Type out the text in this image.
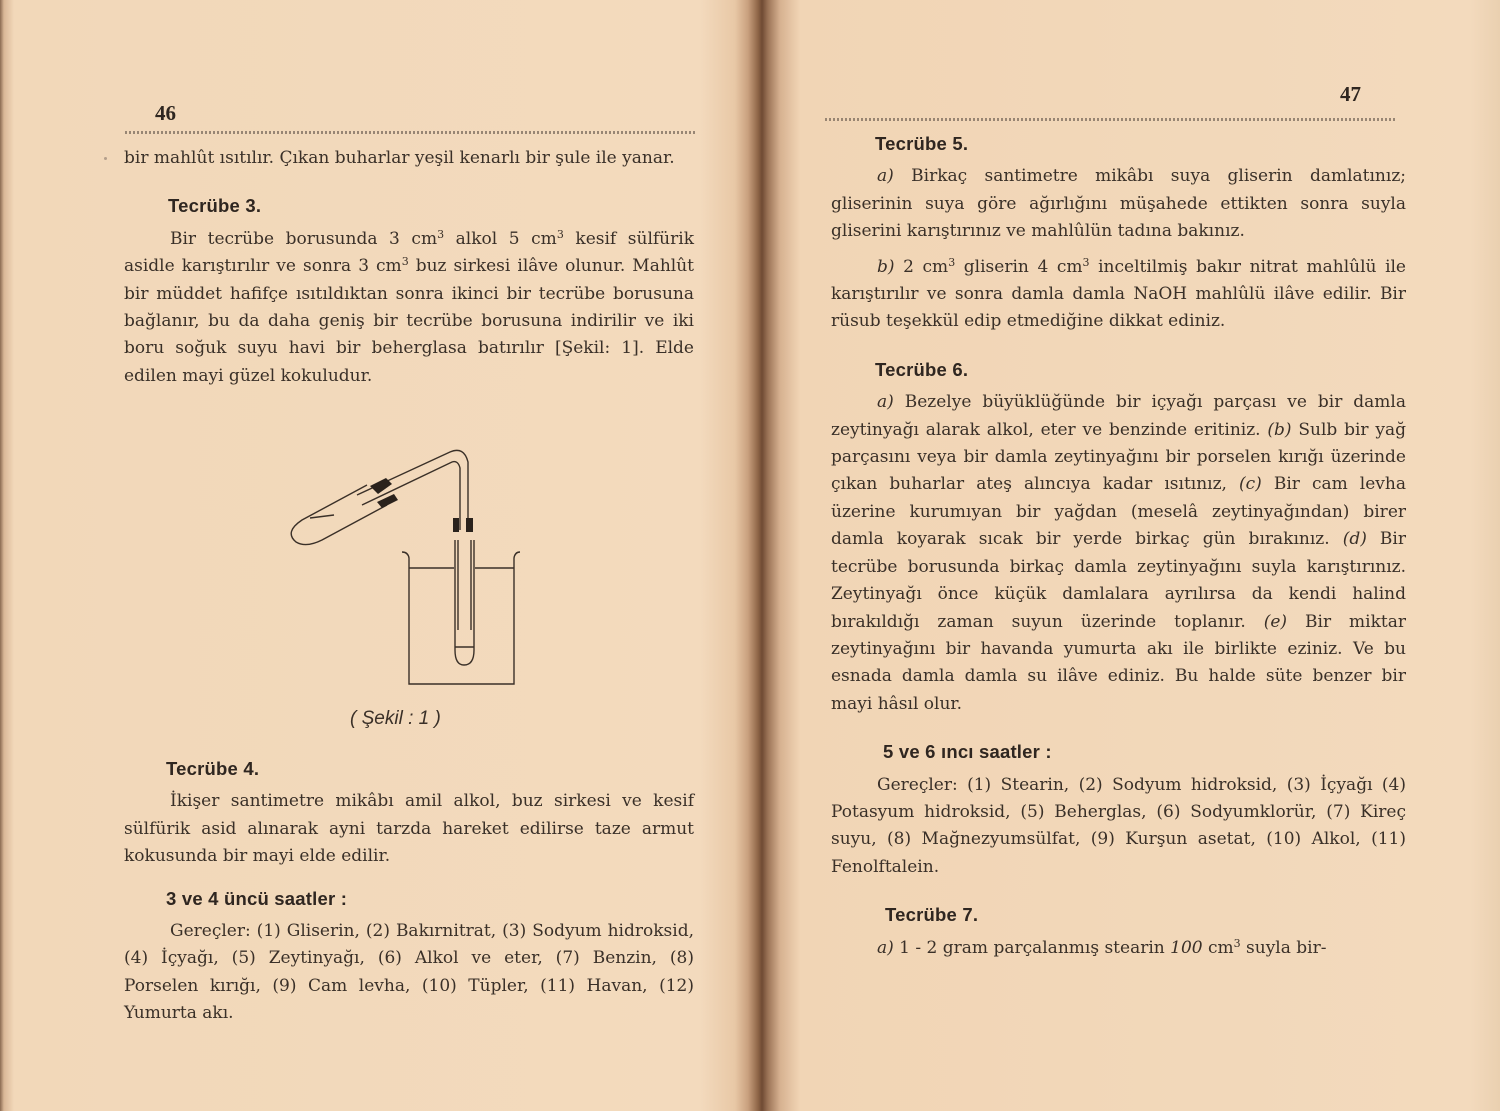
46

bir mahlût ısıtılır. Çıkan buharlar yeşil kenarlı bir şule ile yanar.

Tecrübe 3.

Bir tecrübe borusunda 3 $cm^3$ alkol 5 $cm^3$ kesif sülfürik asidle karıştırılır ve sonra 3 $cm^3$ buz sirkesi ilâve olunur. Mahlût bir müddet hafifçe ısıtıldıktan sonra ikinci bir tecrübe borusuna bağlanır, bu da daha geniş bir tecrübe borusuna indirilir ve iki boru soğuk suyu havi bir beherglasa batırılır [Şekil: 1]. Elde edilen mayi güzel kokuludur.

( Şekil : 1 )

Tecrübe 4.

İkişer santimetre mikâbı amil alkol, buz sirkesi ve kesif sülfürik asid alınarak ayni tarzda hareket edilirse taze armut kokusunda bir mayi elde edilir.

3 ve 4 üncü saatler :

Gereçler: (1) Gliserin, (2) Bakırnitrat, (3) Sodyum hidroksid, (4) İçyağı, (5) Zeytinyağı, (6) Alkol ve eter, (7) Benzin, (8) Porselen kırığı, (9) Cam levha, (10) Tüpler, (11) Havan, (12) Yumurta akı.

47

Tecrübe 5.

a) Birkaç santimetre mikâbı suya gliserin damlatınız; gliserinin suya göre ağırlığını müşahede ettikten sonra suyla gliserini karıştırınız ve mahlûlün tadına bakınız.

b) 2 $cm^3$ gliserin 4 $cm^3$ inceltilmiş bakır nitrat mahlûlü ile karıştırılır ve sonra damla damla NaOH mahlûlü ilâve edilir. Bir rüsub teşekkül edip etmediğine dikkat ediniz.

Tecrübe 6.

a) Bezelye büyüklüğünde bir içyağı parçası ve bir damla zeytinyağı alarak alkol, eter ve benzinde eritiniz. (b) Sulb bir yağ parçasını veya bir damla zeytinyağını bir porselen kırığı üzerinde çıkan buharlar ateş alıncıya kadar ısıtınız, (c) Bir cam levha üzerine kurumıyan bir yağdan (meselâ zeytinyağından) birer damla koyarak sıcak bir yerde birkaç gün bırakınız. (d) Bir tecrübe borusunda birkaç damla zeytinyağını suyla karıştırınız. Zeytinyağı önce küçük damlalara ayrılırsa da kendi halind bırakıldığı zaman suyun üzerinde toplanır. (e) Bir miktar zeytinyağını bir havanda yumurta akı ile birlikte eziniz. Ve bu esnada damla damla su ilâve ediniz. Bu halde süte benzer bir mayi hâsıl olur.

5 ve 6 ıncı saatler :

Gereçler: (1) Stearin, (2) Sodyum hidroksid, (3) İçyağı (4) Potasyum hidroksid, (5) Beherglas, (6) Sodyumklorür, (7) Kireç suyu, (8) Mağnezyumsülfat, (9) Kurşun asetat, (10) Alkol, (11) Fenolftalein.

Tecrübe 7.

a) 1 - 2 gram parçalanmış stearin 100 $cm^3$ suyla bir-
